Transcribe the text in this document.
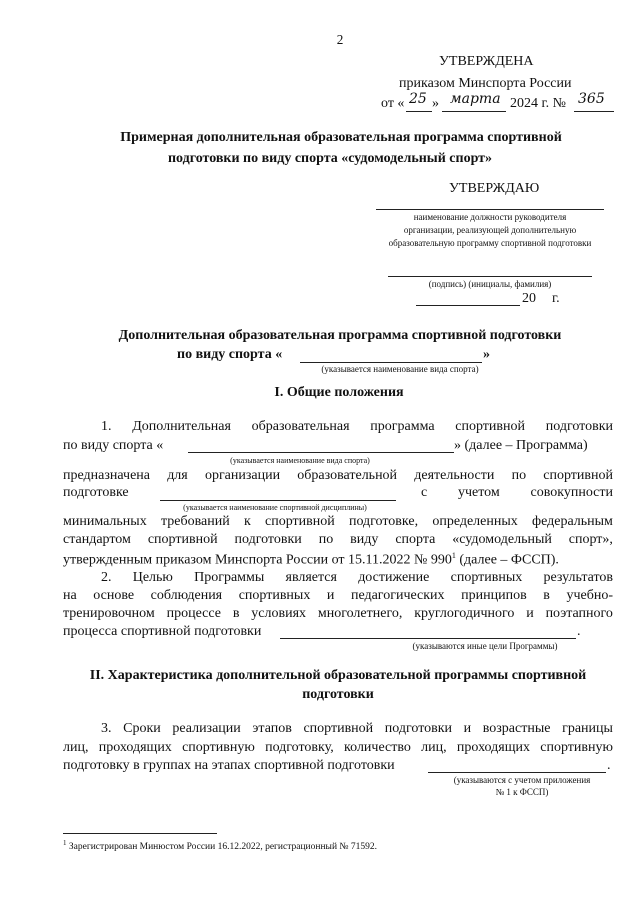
2
УТВЕРЖДЕНА
приказом Минспорта России
от « 25 » марта 2024 г. № 365
Примерная дополнительная образовательная программа спортивной
подготовки по виду спорта «судомодельный спорт»
УТВЕРЖДАЮ
наименование должности руководителя
организации, реализующей дополнительную
образовательную программу спортивной подготовки
(подпись) (инициалы, фамилия)
20 г.
Дополнительная образовательная программа спортивной подготовки
по виду спорта «	»
(указывается наименование вида спорта)
I. Общие положения
1. Дополнительная образовательная программа спортивной подготовки
по виду спорта «	» (далее – Программа)
(указывается наименование вида спорта)
предназначена для организации образовательной деятельности по спортивной
подготовке	с учетом совокупности
(указывается наименование спортивной дисциплины)
минимальных требований к спортивной подготовке, определенных федеральным
стандартом спортивной подготовки по виду спорта «судомодельный спорт»,
утвержденным приказом Минспорта России от 15.11.2022 № $990^1$ (далее – ФССП).
2. Целью Программы является достижение спортивных результатов
на основе соблюдения спортивных и педагогических принципов в учебно-
тренировочном процессе в условиях многолетнего, круглогодичного и поэтапного
процесса спортивной подготовки	.
(указываются иные цели Программы)
II. Характеристика дополнительной образовательной программы спортивной
подготовки
3. Сроки реализации этапов спортивной подготовки и возрастные границы
лиц, проходящих спортивную подготовку, количество лиц, проходящих спортивную
подготовку в группах на этапах спортивной подготовки	.
(указываются с учетом приложения
№ 1 к ФССП)
$^1$ Зарегистрирован Минюстом России 16.12.2022, регистрационный № 71592.
